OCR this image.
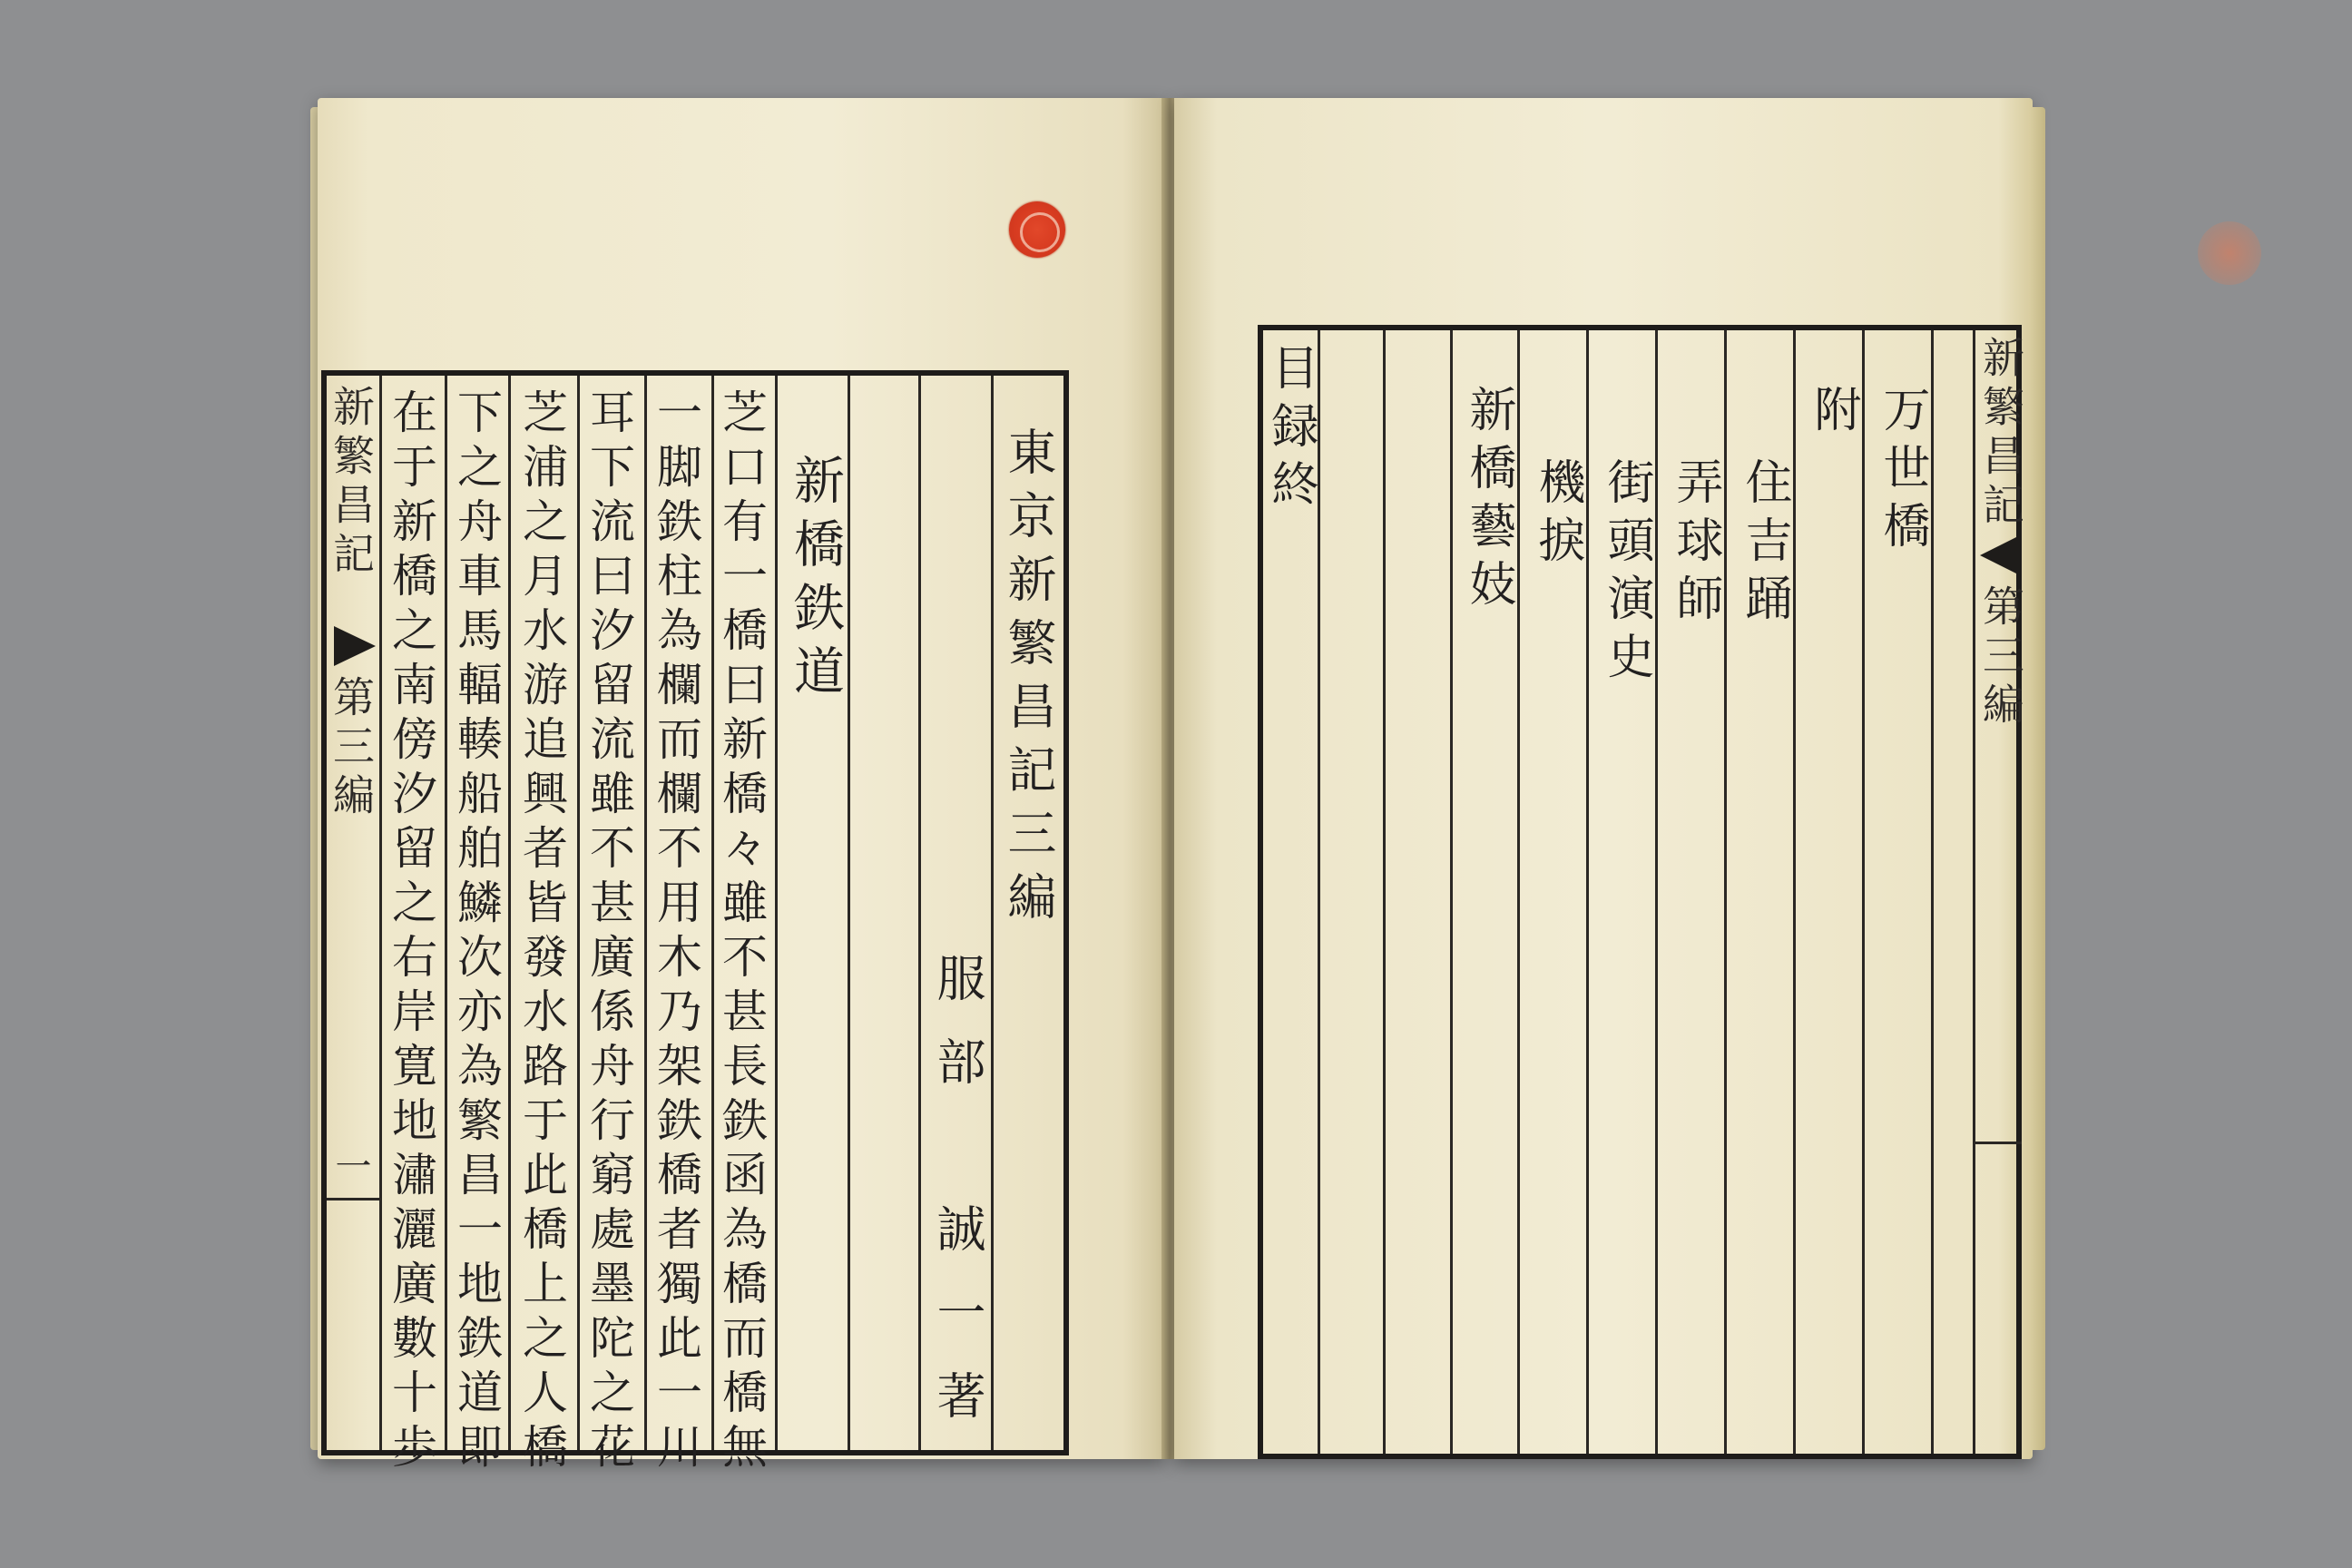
新繁昌記
第三編
一
東京新繁昌記三編
服部　誠一著
新橋鉄道
芝口有一橋曰新橋々雖不甚長鉄函為橋而橋無
一脚鉄柱為欄而欄不用木乃架鉄橋者獨此一川
耳下流曰汐留流雖不甚廣係舟行窮處墨陀之花
芝浦之月水游追興者皆發水路于此橋上之人橋
下之舟車馬輻輳船舶鱗次亦為繁昌一地鉄道即
在于新橋之南傍汐留之右岸寛地潚灑廣數十歩	万世橋
附
住吉踊
弄球師
街頭演史
機捩
新橋藝妓
目録終	新繁昌記
第三編
